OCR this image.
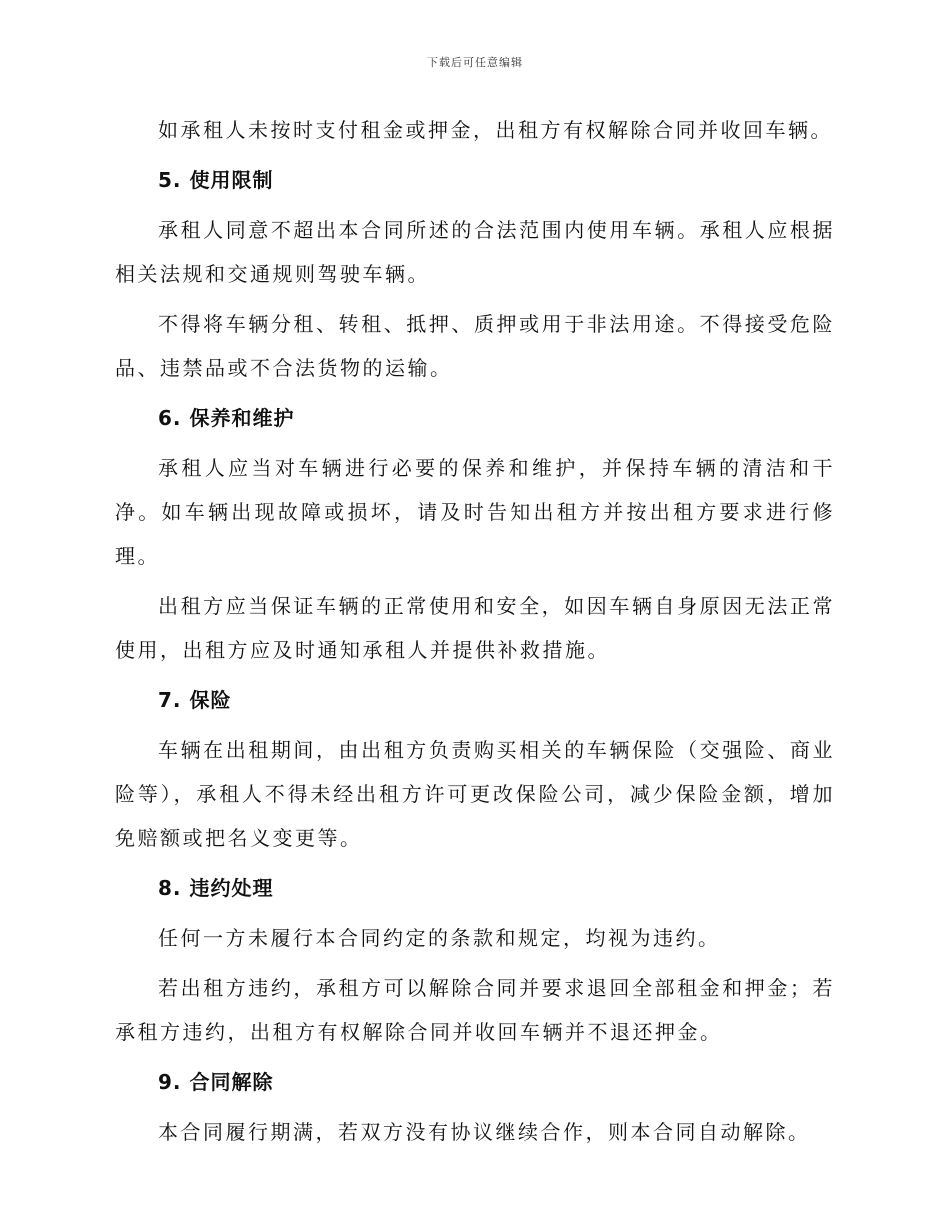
下载后可任意编辑

如承租人未按时支付租金或押金，出租方有权解除合同并收回车辆。

5. 使用限制

承租人同意不超出本合同所述的合法范围内使用车辆。承租人应根据相关法规和交通规则驾驶车辆。

不得将车辆分租、转租、抵押、质押或用于非法用途。不得接受危险品、违禁品或不合法货物的运输。

6. 保养和维护

承租人应当对车辆进行必要的保养和维护，并保持车辆的清洁和干净。如车辆出现故障或损坏，请及时告知出租方并按出租方要求进行修理。

出租方应当保证车辆的正常使用和安全，如因车辆自身原因无法正常使用，出租方应及时通知承租人并提供补救措施。

7. 保险

车辆在出租期间，由出租方负责购买相关的车辆保险（交强险、商业险等），承租人不得未经出租方许可更改保险公司，减少保险金额，增加免赔额或把名义变更等。

8. 违约处理

任何一方未履行本合同约定的条款和规定，均视为违约。

若出租方违约，承租方可以解除合同并要求退回全部租金和押金；若承租方违约，出租方有权解除合同并收回车辆并不退还押金。

9. 合同解除

本合同履行期满，若双方没有协议继续合作，则本合同自动解除。
